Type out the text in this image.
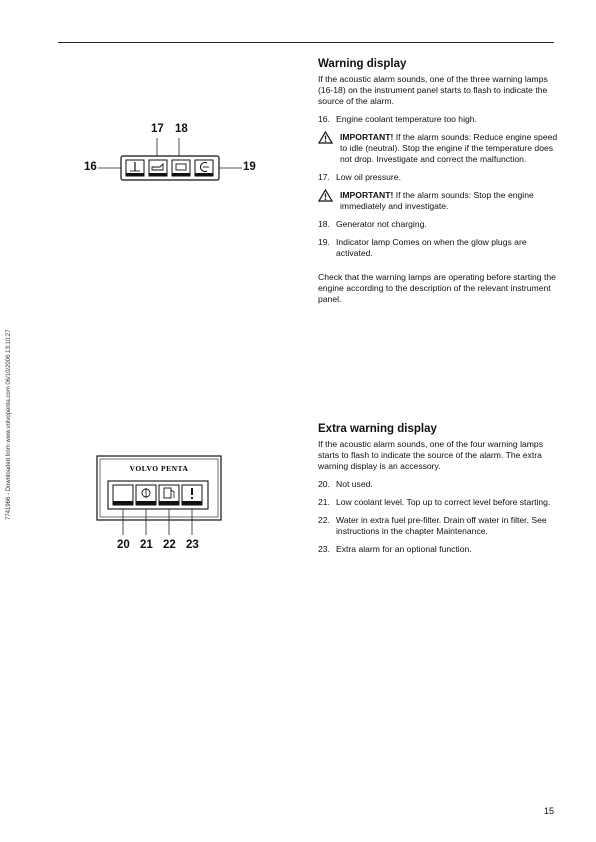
7741966 - Downloaded from www.volvopenta.com 06/10/2006 13:10:27
17 18
16	19
VOLVO PENTA
20 21 22 23
Warning display

If the acoustic alarm sounds, one of the three warning lamps (16-18) on the instrument panel starts to flash to indicate the source of the alarm.

16. Engine coolant temperature too high.
IMPORTANT! If the alarm sounds: Reduce engine speed to idle (neutral). Stop the engine if the temperature does not drop. Investigate and correct the malfunction.
17. Low oil pressure.
IMPORTANT! If the alarm sounds: Stop the engine immediately and investigate.
18. Generator not charging.
19. Indicator lamp Comes on when the glow plugs are activated.

Check that the warning lamps are operating before starting the engine according to the description of the relevant instrument panel.

Extra warning display

If the acoustic alarm sounds, one of the four warning lamps starts to flash to indicate the source of the alarm. The extra warning display is an accessory.

20. Not used.
21. Low coolant level. Top up to correct level before starting.
22. Water in extra fuel pre-filter. Drain off water in filter. See instructions in the chapter Maintenance.
23. Extra alarm for an optional function.
15
